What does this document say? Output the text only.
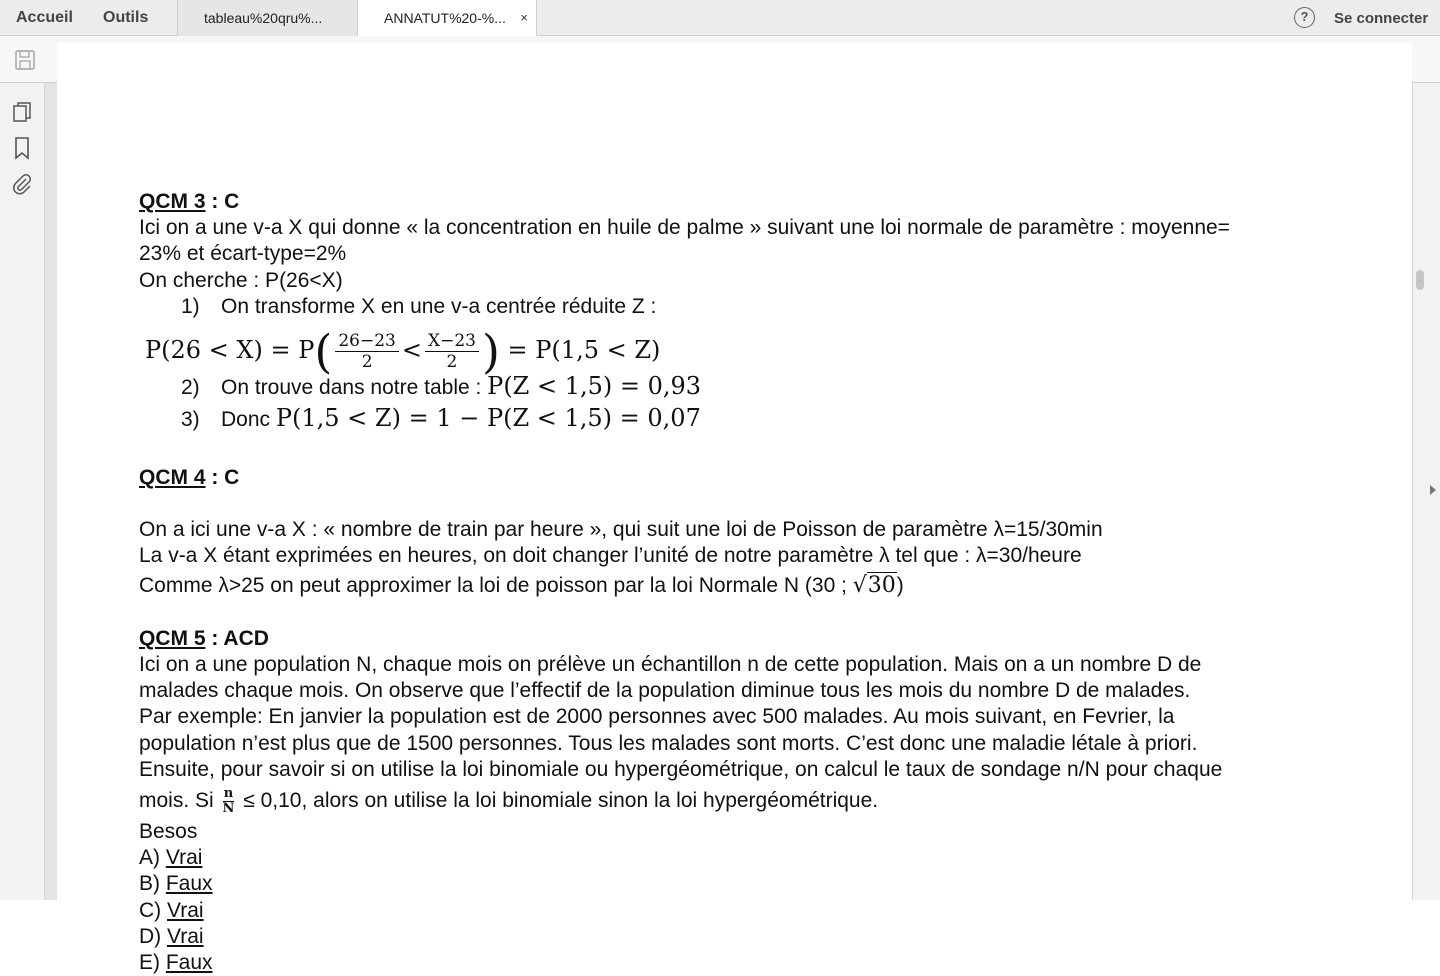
Accueil Outils	tableau%20qru%...	ANNATUT%20-%... ×	?	Se connecter
QCM 3 : C
Ici on a une v-a X qui donne « la concentration en huile de palme » suivant une loi normale de paramètre : moyenne=
23% et écart-type=2%
On cherche : P(26<X)
1) On transforme X en une v-a centrée réduite Z :
$P(26 < X) = P( \frac{26-23}{2} < \frac{X-23}{2}$ ) = P(1,5 < Z)
2) On trouve dans notre table : P(Z < 1,5) = 0,93
3) Donc P(1,5 < Z) = 1 − P(Z < 1,5) = 0,07
QCM 4 : C
On a ici une v-a X : « nombre de train par heure », qui suit une loi de Poisson de paramètre λ=15/30min
La v-a X étant exprimées en heures, on doit changer l’unité de notre paramètre λ tel que : λ=30/heure
Comme λ>25 on peut approximer la loi de poisson par la loi Normale N (30 ; √30)
QCM 5 : ACD
Ici on a une population N, chaque mois on prélève un échantillon n de cette population. Mais on a un nombre D de
malades chaque mois. On observe que l’effectif de la population diminue tous les mois du nombre D de malades.
Par exemple: En janvier la population est de 2000 personnes avec 500 malades. Au mois suivant, en Fevrier, la
population n’est plus que de 1500 personnes. Tous les malades sont morts. C’est donc une maladie létale à priori.
Ensuite, pour savoir si on utilise la loi binomiale ou hypergéométrique, on calcul le taux de sondage n/N pour chaque
mois. Si $\frac{n}{N} \le 0,10$, alors on utilise la loi binomiale sinon la loi hypergéométrique.
Besos
A) Vrai
B) Faux
C) Vrai
D) Vrai
E) Faux
